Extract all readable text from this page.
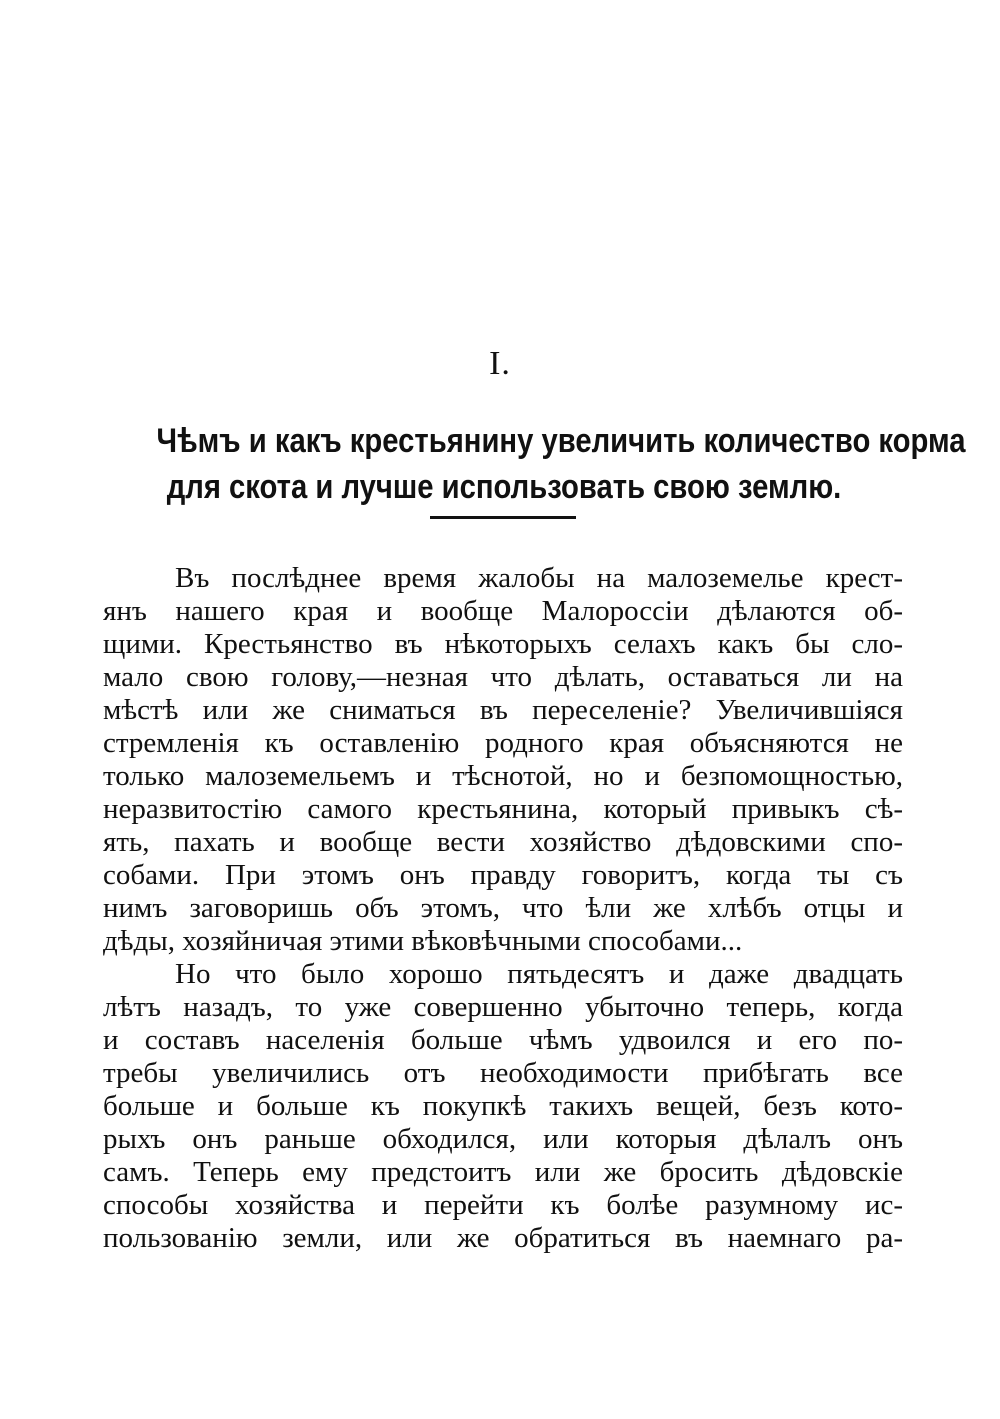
I.
Чѣмъ и какъ крестьянину увеличить количество корма
для скота и лучше использовать свою землю.
Въ послѣднее время жалобы на малоземелье крест-
янъ нашего края и вообще Малороссіи дѣлаются об-
щими. Крестьянство въ нѣкоторыхъ селахъ какъ бы сло-
мало свою голову,—незная что дѣлать, оставаться ли на
мѣстѣ или же сниматься въ переселеніе? Увеличившіяся
стремленія къ оставленію родного края объясняются не
только малоземельемъ и тѣснотой, но и безпомощностью,
неразвитостію самого крестьянина, который привыкъ сѣ-
ять, пахать и вообще вести хозяйство дѣдовскими спо-
собами. При этомъ онъ правду говоритъ, когда ты съ
нимъ заговоришь объ этомъ, что ѣли же хлѣбъ отцы и
дѣды, хозяйничая этими вѣковѣчными способами...
Но что было хорошо пятьдесятъ и даже двадцать
лѣтъ назадъ, то уже совершенно убыточно теперь, когда
и составъ населенія больше чѣмъ удвоился и его по-
требы увеличились отъ необходимости прибѣгать все
больше и больше къ покупкѣ такихъ вещей, безъ кото-
рыхъ онъ раньше обходился, или которыя дѣлалъ онъ
самъ. Теперь ему предстоитъ или же бросить дѣдовскіе
способы хозяйства и перейти къ болѣе разумному ис-
пользованію земли, или же обратиться въ наемнаго ра-
